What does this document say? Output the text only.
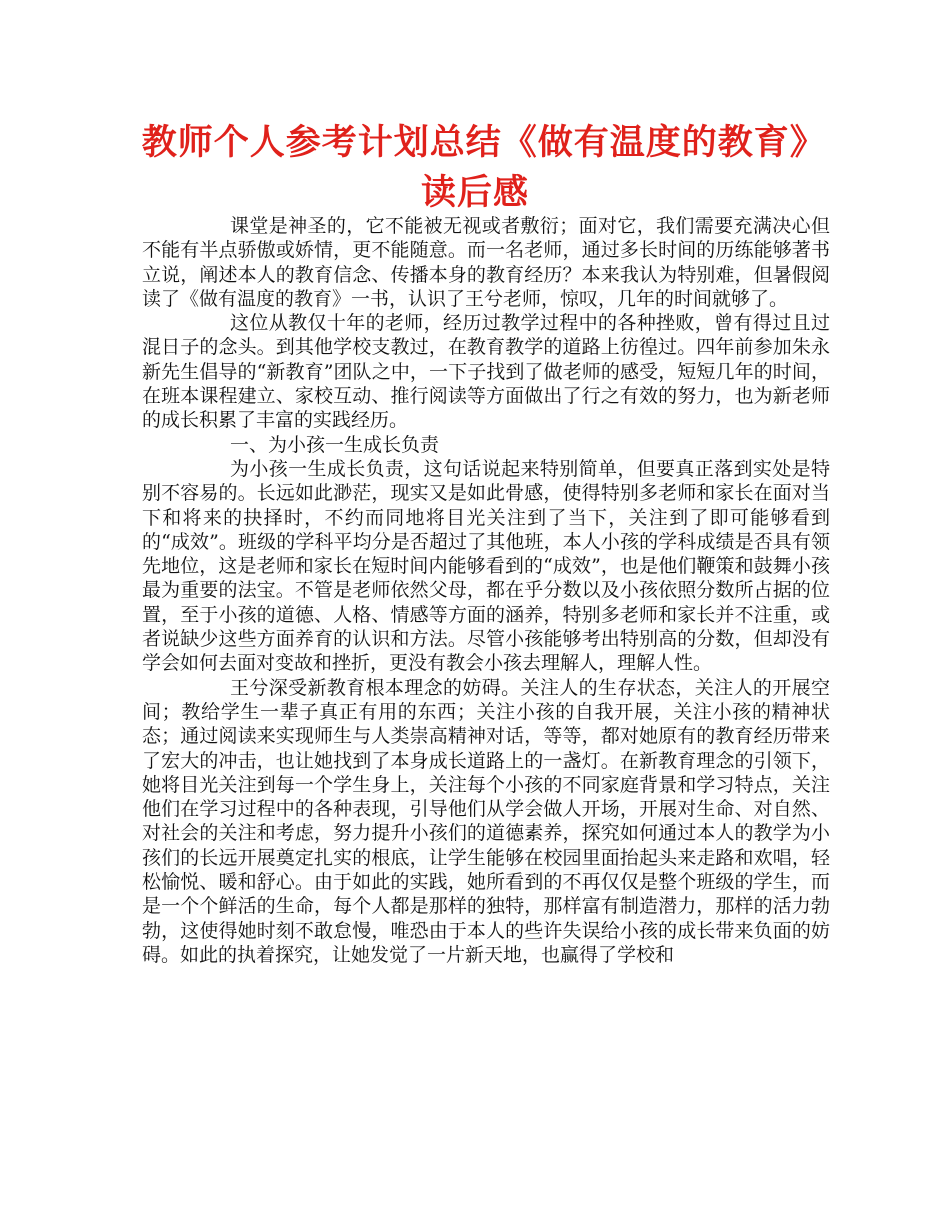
教师个人参考计划总结《做有温度的教育》读后感

课堂是神圣的，它不能被无视或者敷衍；面对它，我们需要充满决心但不能有半点骄傲或娇情，更不能随意。而一名老师，通过多长时间的历练能够著书立说，阐述本人的教育信念、传播本身的教育经历？本来我认为特别难，但暑假阅读了《做有温度的教育》一书，认识了王兮老师，惊叹，几年的时间就够了。

这位从教仅十年的老师，经历过教学过程中的各种挫败，曾有得过且过混日子的念头。到其他学校支教过，在教育教学的道路上彷徨过。四年前参加朱永新先生倡导的“新教育”团队之中，一下子找到了做老师的感受，短短几年的时间，在班本课程建立、家校互动、推行阅读等方面做出了行之有效的努力，也为新老师的成长积累了丰富的实践经历。

一、为小孩一生成长负责

为小孩一生成长负责，这句话说起来特别简单，但要真正落到实处是特别不容易的。长远如此渺茫，现实又是如此骨感，使得特别多老师和家长在面对当下和将来的抉择时，不约而同地将目光关注到了当下，关注到了即可能够看到的“成效”。班级的学科平均分是否超过了其他班，本人小孩的学科成绩是否具有领先地位，这是老师和家长在短时间内能够看到的“成效”，也是他们鞭策和鼓舞小孩最为重要的法宝。不管是老师依然父母，都在乎分数以及小孩依照分数所占据的位置，至于小孩的道德、人格、情感等方面的涵养，特别多老师和家长并不注重，或者说缺少这些方面养育的认识和方法。尽管小孩能够考出特别高的分数，但却没有学会如何去面对变故和挫折，更没有教会小孩去理解人，理解人性。

王兮深受新教育根本理念的妨碍。关注人的生存状态，关注人的开展空间；教给学生一辈子真正有用的东西；关注小孩的自我开展，关注小孩的精神状态；通过阅读来实现师生与人类崇高精神对话，等等，都对她原有的教育经历带来了宏大的冲击，也让她找到了本身成长道路上的一盏灯。在新教育理念的引领下，她将目光关注到每一个学生身上，关注每个小孩的不同家庭背景和学习特点，关注他们在学习过程中的各种表现，引导他们从学会做人开场，开展对生命、对自然、对社会的关注和考虑，努力提升小孩们的道德素养，探究如何通过本人的教学为小孩们的长远开展奠定扎实的根底，让学生能够在校园里面抬起头来走路和欢唱，轻松愉悦、暖和舒心。由于如此的实践，她所看到的不再仅仅是整个班级的学生，而是一个个鲜活的生命，每个人都是那样的独特，那样富有制造潜力，那样的活力勃勃，这使得她时刻不敢怠慢，唯恐由于本人的些许失误给小孩的成长带来负面的妨碍。如此的执着探究，让她发觉了一片新天地，也赢得了学校和
